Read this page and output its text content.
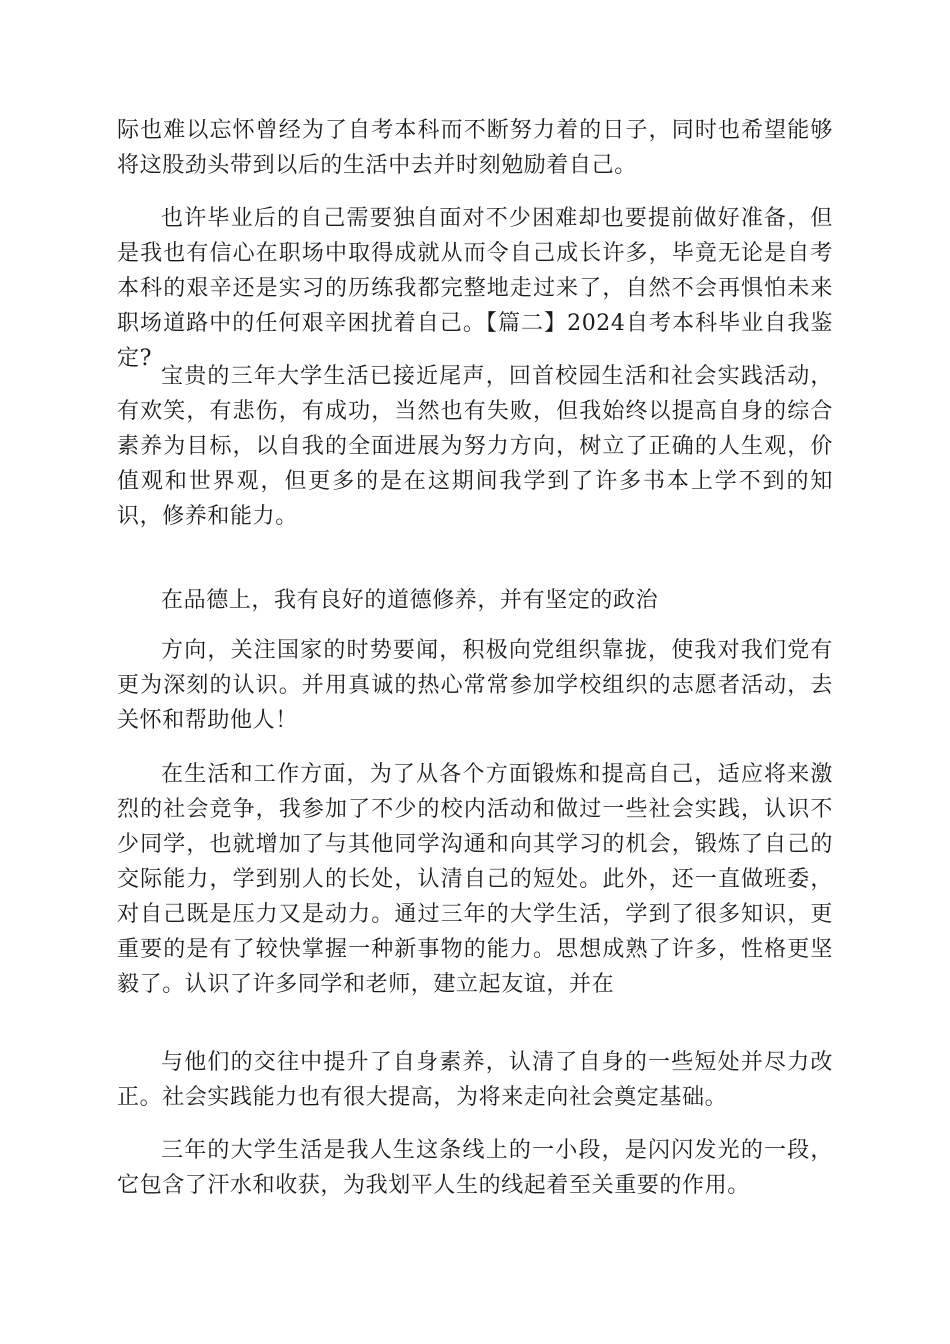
际也难以忘怀曾经为了自考本科而不断努力着的日子，同时也希望能够将这股劲头带到以后的生活中去并时刻勉励着自己。

也许毕业后的自己需要独自面对不少困难却也要提前做好准备，但是我也有信心在职场中取得成就从而令自己成长许多，毕竟无论是自考本科的艰辛还是实习的历练我都完整地走过来了，自然不会再惧怕未来职场道路中的任何艰辛困扰着自己。【篇二】2024自考本科毕业自我鉴定?

宝贵的三年大学生活已接近尾声，回首校园生活和社会实践活动，有欢笑，有悲伤，有成功，当然也有失败，但我始终以提高自身的综合素养为目标，以自我的全面进展为努力方向，树立了正确的人生观，价值观和世界观，但更多的是在这期间我学到了许多书本上学不到的知识，修养和能力。

在品德上，我有良好的道德修养，并有坚定的政治

方向，关注国家的时势要闻，积极向党组织靠拢，使我对我们党有更为深刻的认识。并用真诚的热心常常参加学校组织的志愿者活动，去关怀和帮助他人！

在生活和工作方面，为了从各个方面锻炼和提高自己，适应将来激烈的社会竞争，我参加了不少的校内活动和做过一些社会实践，认识不少同学，也就增加了与其他同学沟通和向其学习的机会，锻炼了自己的交际能力，学到别人的长处，认清自己的短处。此外，还一直做班委，对自己既是压力又是动力。通过三年的大学生活，学到了很多知识，更重要的是有了较快掌握一种新事物的能力。思想成熟了许多，性格更坚毅了。认识了许多同学和老师，建立起友谊，并在

与他们的交往中提升了自身素养，认清了自身的一些短处并尽力改正。社会实践能力也有很大提高，为将来走向社会奠定基础。

三年的大学生活是我人生这条线上的一小段，是闪闪发光的一段，它包含了汗水和收获，为我划平人生的线起着至关重要的作用。
